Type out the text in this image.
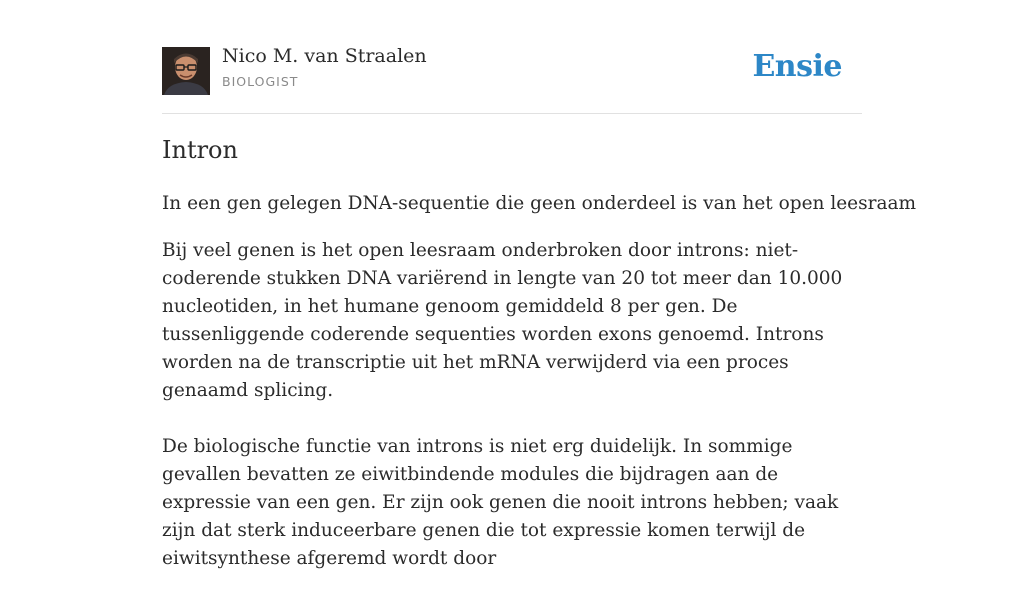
Nico M. van Straalen
BIOLOGIST	Ensie
Intron
In een gen gelegen DNA-sequentie die geen onderdeel is van het open leesraam

Bij veel genen is het open leesraam onderbroken door introns: niet-coderende stukken DNA variërend in lengte van 20 tot meer dan 10.000 nucleotiden, in het humane genoom gemiddeld 8 per gen. De tussenliggende coderende sequenties worden exons genoemd. Introns worden na de transcriptie uit het mRNA verwijderd via een proces genaamd splicing.

De biologische functie van introns is niet erg duidelijk. In sommige gevallen bevatten ze eiwitbindende modules die bijdragen aan de expressie van een gen. Er zijn ook genen die nooit introns hebben; vaak zijn dat sterk induceerbare genen die tot expressie komen terwijl de eiwitsynthese afgeremd wordt door
